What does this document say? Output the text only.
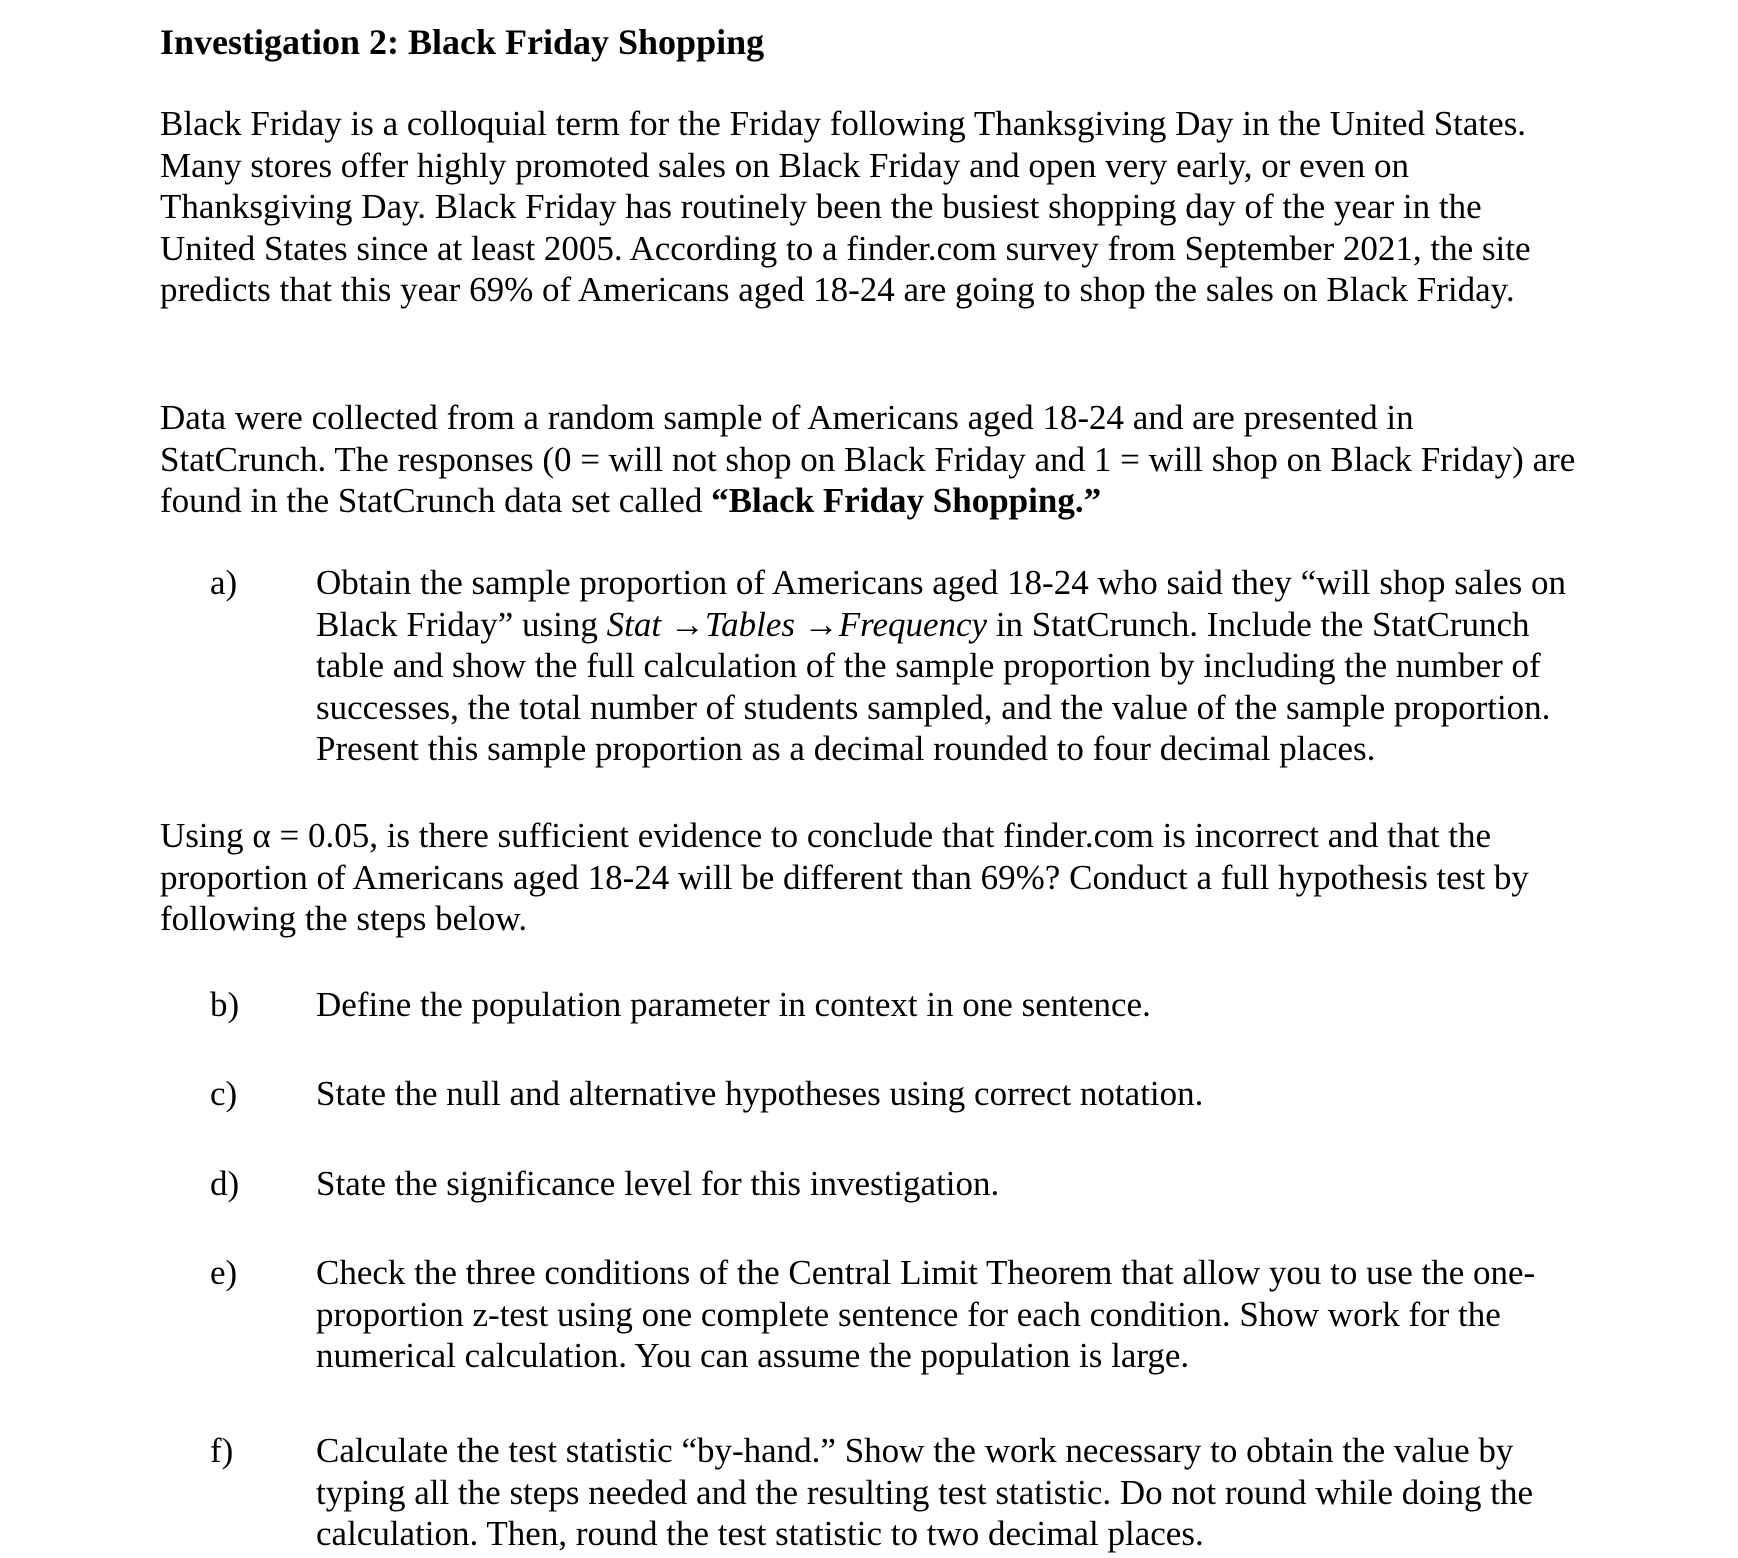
Investigation 2: Black Friday Shopping
Black Friday is a colloquial term for the Friday following Thanksgiving Day in the United States. Many stores offer highly promoted sales on Black Friday and open very early, or even on Thanksgiving Day. Black Friday has routinely been the busiest shopping day of the year in the United States since at least 2005. According to a finder.com survey from September 2021, the site predicts that this year 69% of Americans aged 18-24 are going to shop the sales on Black Friday.
Data were collected from a random sample of Americans aged 18-24 and are presented in StatCrunch. The responses (0 = will not shop on Black Friday and 1 = will shop on Black Friday) are found in the StatCrunch data set called “Black Friday Shopping.”
a)	Obtain the sample proportion of Americans aged 18-24 who said they “will shop sales on Black Friday” using Stat →Tables →Frequency in StatCrunch. Include the StatCrunch table and show the full calculation of the sample proportion by including the number of successes, the total number of students sampled, and the value of the sample proportion. Present this sample proportion as a decimal rounded to four decimal places.
Using α = 0.05, is there sufficient evidence to conclude that finder.com is incorrect and that the proportion of Americans aged 18-24 will be different than 69%? Conduct a full hypothesis test by following the steps below.
b)	Define the population parameter in context in one sentence.
c)	State the null and alternative hypotheses using correct notation.
d)	State the significance level for this investigation.
e)	Check the three conditions of the Central Limit Theorem that allow you to use the one-proportion z-test using one complete sentence for each condition. Show work for the numerical calculation. You can assume the population is large.
f)	Calculate the test statistic “by-hand.” Show the work necessary to obtain the value by typing all the steps needed and the resulting test statistic. Do not round while doing the calculation. Then, round the test statistic to two decimal places.
